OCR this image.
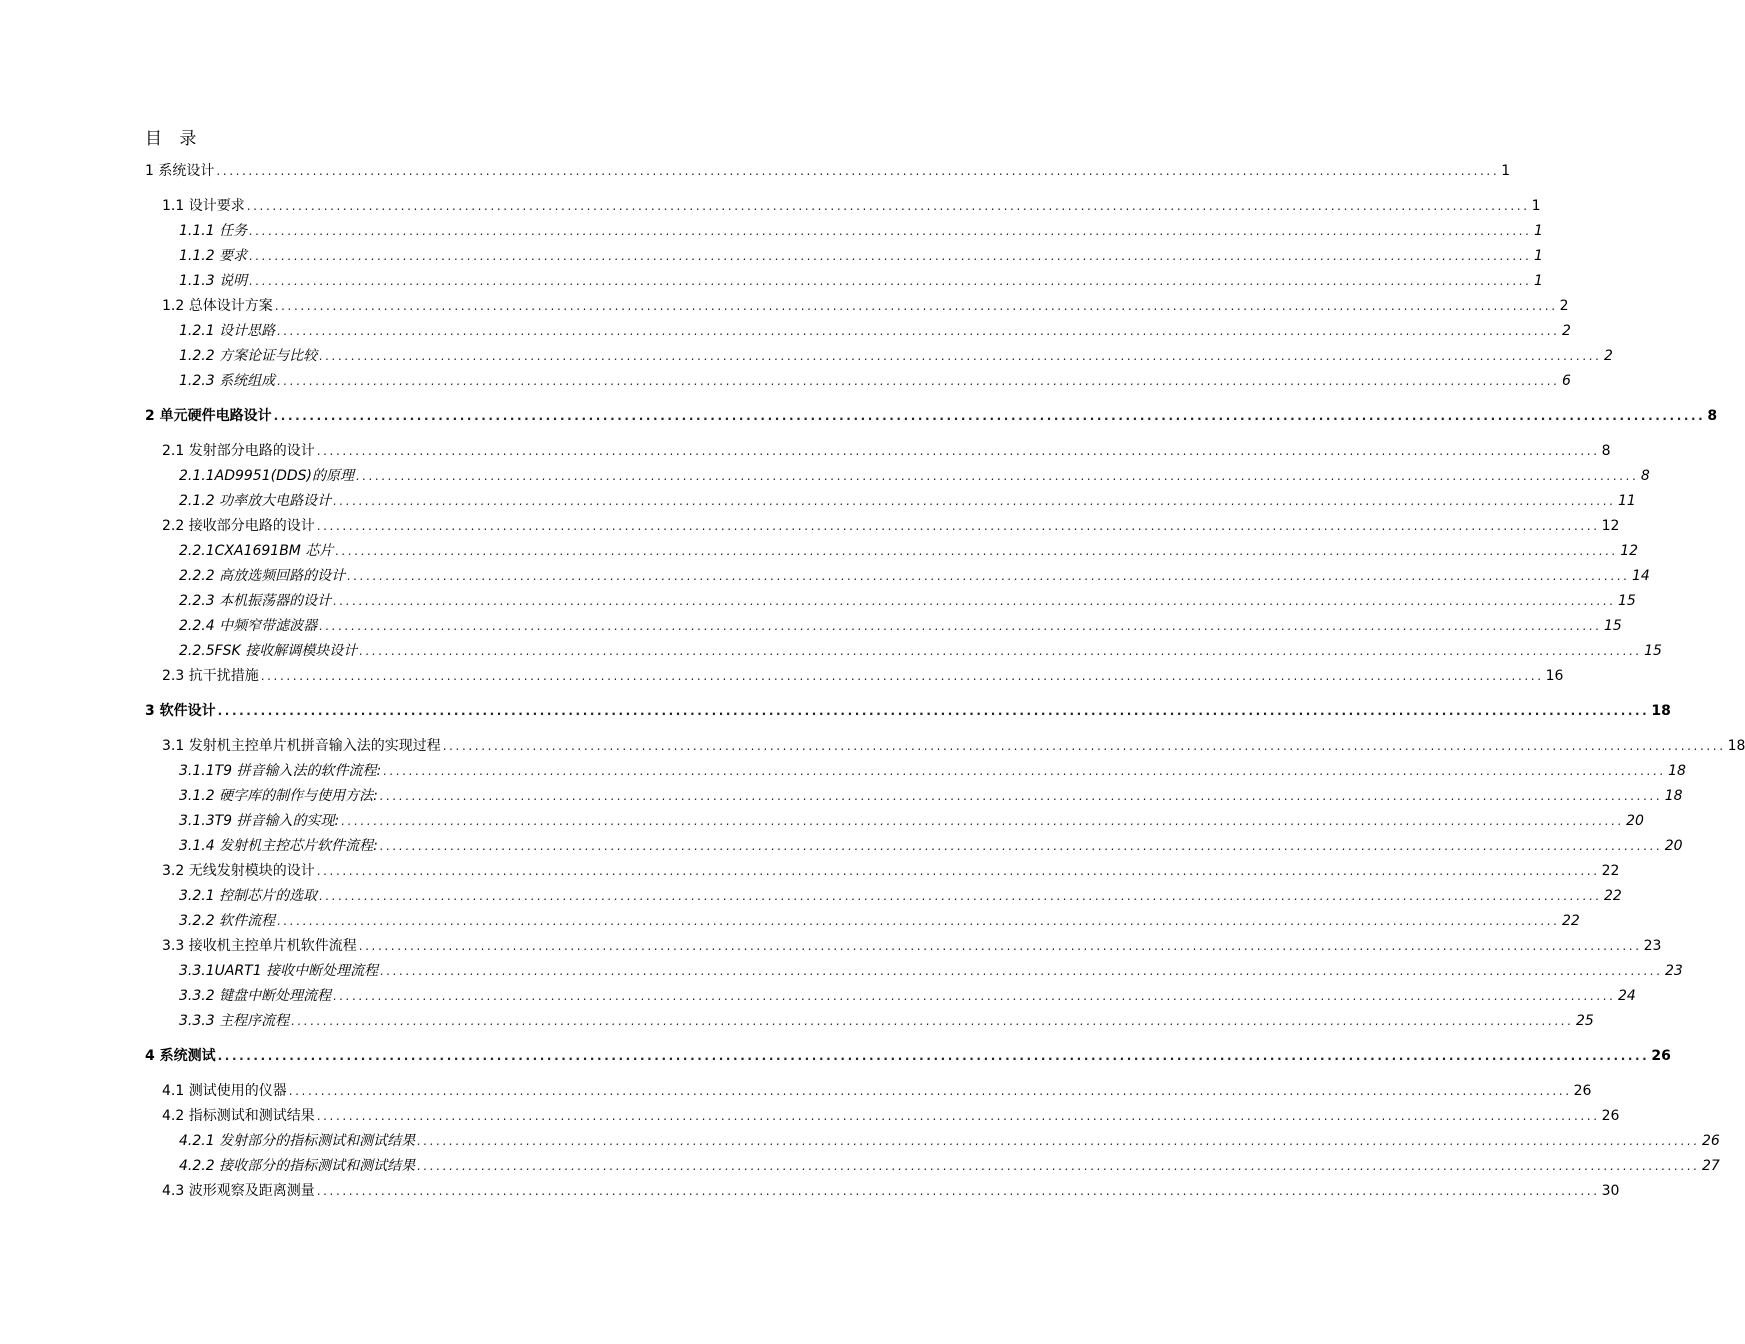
目 录
1 系统设计 ........................................................................................................................................................................................................ 1
1.1 设计要求 ........................................................................................................................................................................................................ 1
1.1.1 任务 ........................................................................................................................................................................................................ 1
1.1.2 要求 ........................................................................................................................................................................................................ 1
1.1.3 说明 ........................................................................................................................................................................................................ 1
1.2 总体设计方案 ........................................................................................................................................................................................................ 2
1.2.1 设计思路 ........................................................................................................................................................................................................ 2
1.2.2 方案论证与比较 ........................................................................................................................................................................................................ 2
1.2.3 系统组成 ........................................................................................................................................................................................................ 6
2 单元硬件电路设计 ........................................................................................................................................................................................................ 8
2.1 发射部分电路的设计 ........................................................................................................................................................................................................ 8
2.1.1AD9951(DDS)的原理 ........................................................................................................................................................................................................ 8
2.1.2 功率放大电路设计 ........................................................................................................................................................................................................ 11
2.2 接收部分电路的设计 ........................................................................................................................................................................................................ 12
2.2.1CXA1691BM 芯片 ........................................................................................................................................................................................................ 12
2.2.2 高放选频回路的设计 ........................................................................................................................................................................................................ 14
2.2.3 本机振荡器的设计 ........................................................................................................................................................................................................ 15
2.2.4 中频窄带滤波器 ........................................................................................................................................................................................................ 15
2.2.5FSK 接收解调模块设计 ........................................................................................................................................................................................................ 15
2.3 抗干扰措施 ........................................................................................................................................................................................................ 16
3 软件设计 ........................................................................................................................................................................................................ 18
3.1 发射机主控单片机拼音输入法的实现过程 ........................................................................................................................................................................................................ 18
3.1.1T9 拼音输入法的软件流程: ........................................................................................................................................................................................................ 18
3.1.2 硬字库的制作与使用方法: ........................................................................................................................................................................................................ 18
3.1.3T9 拼音输入的实现: ........................................................................................................................................................................................................ 20
3.1.4 发射机主控芯片软件流程: ........................................................................................................................................................................................................ 20
3.2 无线发射模块的设计 ........................................................................................................................................................................................................ 22
3.2.1 控制芯片的选取 ........................................................................................................................................................................................................ 22
3.2.2 软件流程 ........................................................................................................................................................................................................ 22
3.3 接收机主控单片机软件流程 ........................................................................................................................................................................................................ 23
3.3.1UART1 接收中断处理流程 ........................................................................................................................................................................................................ 23
3.3.2 键盘中断处理流程 ........................................................................................................................................................................................................ 24
3.3.3 主程序流程 ........................................................................................................................................................................................................ 25
4 系统测试 ........................................................................................................................................................................................................ 26
4.1 测试使用的仪器 ........................................................................................................................................................................................................ 26
4.2 指标测试和测试结果 ........................................................................................................................................................................................................ 26
4.2.1 发射部分的指标测试和测试结果 ........................................................................................................................................................................................................ 26
4.2.2 接收部分的指标测试和测试结果 ........................................................................................................................................................................................................ 27
4.3 波形观察及距离测量 ........................................................................................................................................................................................................ 30
